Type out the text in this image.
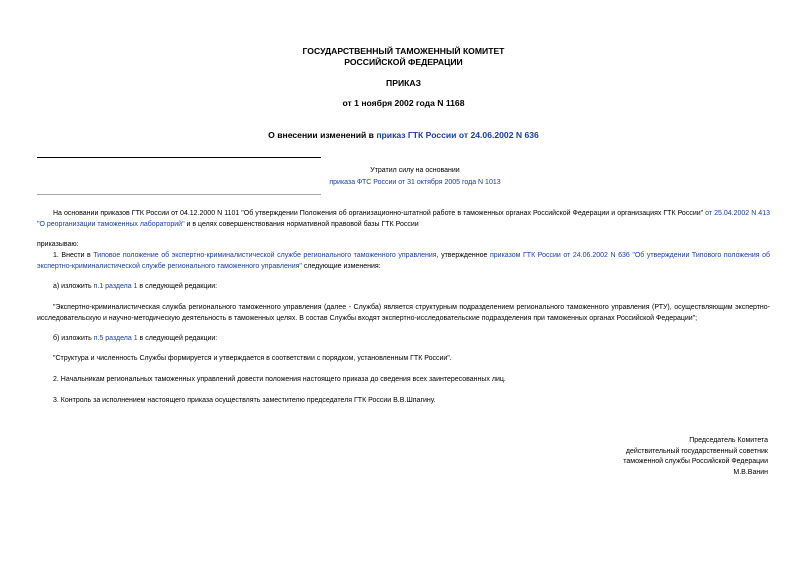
ГОСУДАРСТВЕННЫЙ ТАМОЖЕННЫЙ КОМИТЕТ
РОССИЙСКОЙ ФЕДЕРАЦИИ
ПРИКАЗ
от 1 ноября 2002 года N 1168
О внесении изменений в приказ ГТК России от 24.06.2002 N 636
Утратил силу на основании
приказа ФТС России от 31 октября 2005 года N 1013
На основании приказов ГТК России от 04.12.2000 N 1101 "Об утверждении Положения об организационно-штатной работе в таможенных органах Российской Федерации и организациях ГТК России" от 25.04.2002 N 413 "О реорганизации таможенных лабораторий" и в целях совершенствования нормативной правовой базы ГТК России
приказываю:
1. Внести в Типовое положение об экспертно-криминалистической службе регионального таможенного управления, утвержденное приказом ГТК России от 24.06.2002 N 636 "Об утверждении Типового положения об экспертно-криминалистической службе регионального таможенного управления" следующие изменения:
а) изложить п.1 раздела 1 в следующей редакции:
"Экспертно-криминалистическая служба регионального таможенного управления (далее - Служба) является структурным подразделением регионального таможенного управления (РТУ), осуществляющим экспертно-исследовательскую и научно-методическую деятельность в таможенных целях. В состав Службы входят экспертно-исследовательские подразделения при таможенных органах Российской Федерации";
б) изложить п.5 раздела 1 в следующей редакции:
"Структура и численность Службы формируется и утверждается в соответствии с порядком, установленным ГТК России".
2. Начальникам региональных таможенных управлений довести положения настоящего приказа до сведения всех заинтересованных лиц.
3. Контроль за исполнением настоящего приказа осуществлять заместителю председателя ГТК России В.В.Шпагину.
Председатель Комитета
действительный государственный советник
таможенной службы Российской Федерации
М.В.Ванин
